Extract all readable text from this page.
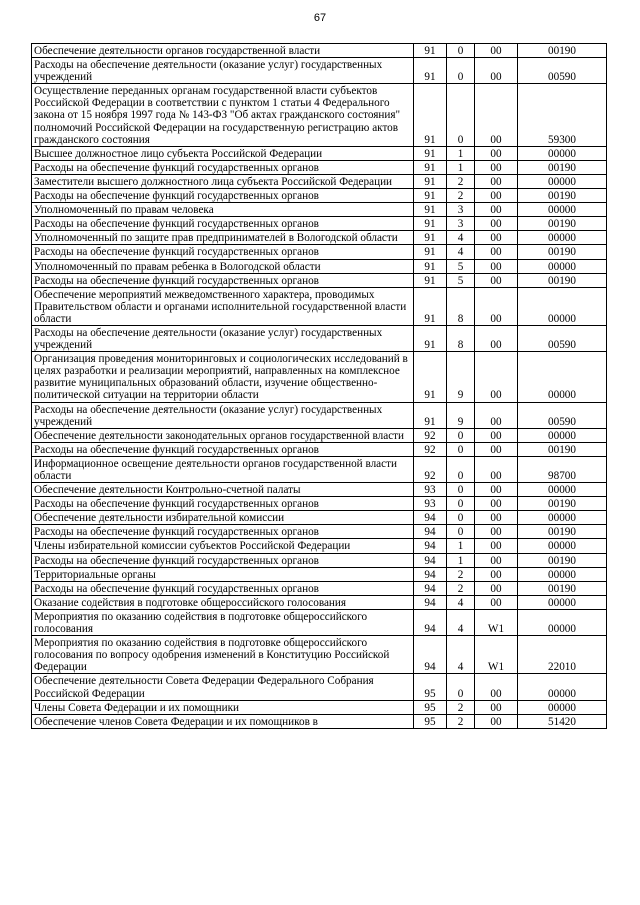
67
Обеспечение деятельности органов государственной власти	91	0	00	00190
Расходы на обеспечение деятельности (оказание услуг) государственных учреждений	91	0	00	00590
Осуществление переданных органам государственной власти субъектов Российской Федерации в соответствии с пунктом 1 статьи 4 Федерального закона от 15 ноября 1997 года № 143-ФЗ "Об актах гражданского состояния" полномочий Российской Федерации на государственную регистрацию актов гражданского состояния	91	0	00	59300
Высшее должностное лицо субъекта Российской Федерации	91	1	00	00000
Расходы на обеспечение функций государственных органов	91	1	00	00190
Заместители высшего должностного лица субъекта Российской Федерации	91	2	00	00000
Расходы на обеспечение функций государственных органов	91	2	00	00190
Уполномоченный по правам человека	91	3	00	00000
Расходы на обеспечение функций государственных органов	91	3	00	00190
Уполномоченный по защите прав предпринимателей в Вологодской области	91	4	00	00000
Расходы на обеспечение функций государственных органов	91	4	00	00190
Уполномоченный по правам ребенка в Вологодской области	91	5	00	00000
Расходы на обеспечение функций государственных органов	91	5	00	00190
Обеспечение мероприятий межведомственного характера, проводимых Правительством области и органами исполнительной государственной власти области	91	8	00	00000
Расходы на обеспечение деятельности (оказание услуг) государственных учреждений	91	8	00	00590
Организация проведения мониторинговых и социологических исследований в целях разработки и реализации мероприятий, направленных на комплексное развитие муниципальных образований области, изучение общественно-политической ситуации на территории области	91	9	00	00000
Расходы на обеспечение деятельности (оказание услуг) государственных учреждений	91	9	00	00590
Обеспечение деятельности законодательных органов государственной власти	92	0	00	00000
Расходы на обеспечение функций государственных органов	92	0	00	00190
Информационное освещение деятельности органов государственной власти области	92	0	00	98700
Обеспечение деятельности Контрольно-счетной палаты	93	0	00	00000
Расходы на обеспечение функций государственных органов	93	0	00	00190
Обеспечение деятельности избирательной комиссии	94	0	00	00000
Расходы на обеспечение функций государственных органов	94	0	00	00190
Члены избирательной комиссии субъектов Российской Федерации	94	1	00	00000
Расходы на обеспечение функций государственных органов	94	1	00	00190
Территориальные органы	94	2	00	00000
Расходы на обеспечение функций государственных органов	94	2	00	00190
Оказание содействия в подготовке общероссийского голосования	94	4	00	00000
Мероприятия по оказанию содействия в подготовке общероссийского голосования	94	4	W1	00000
Мероприятия по оказанию содействия в подготовке общероссийского голосования по вопросу одобрения изменений в Конституцию Российской Федерации	94	4	W1	22010
Обеспечение деятельности Совета Федерации Федерального Собрания Российской Федерации	95	0	00	00000
Члены Совета Федерации и их помощники	95	2	00	00000
Обеспечение членов Совета Федерации и их помощников в	95	2	00	51420
